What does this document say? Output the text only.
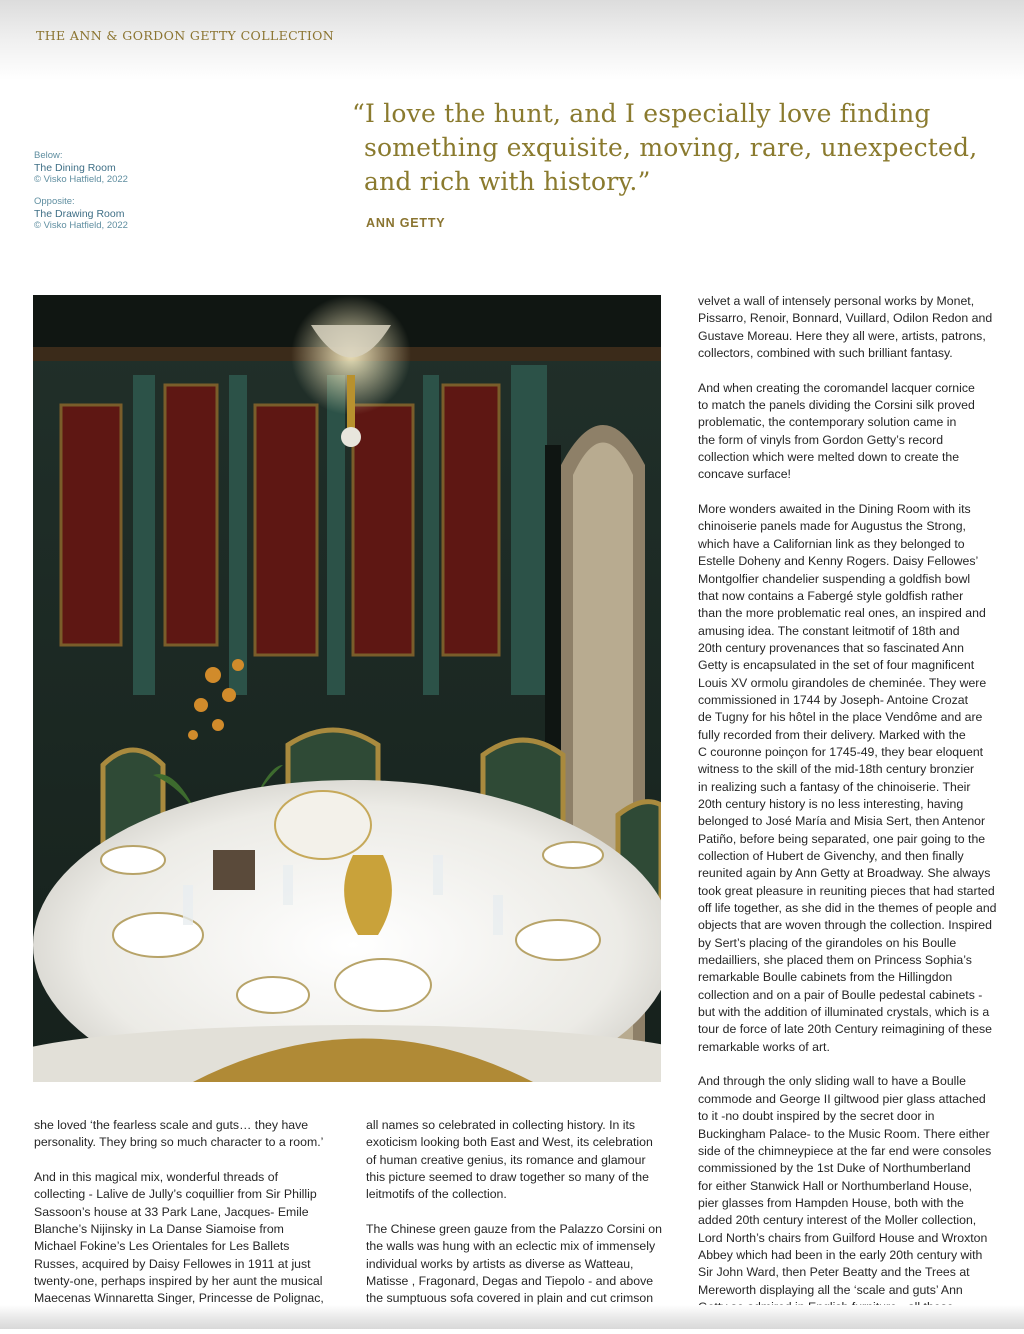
THE ANN & GORDON GETTY COLLECTION
Below:
The Dining Room
© Visko Hatfield, 2022
Opposite:
The Drawing Room
© Visko Hatfield, 2022
“I love the hunt, and I especially love finding
something exquisite, moving, rare, unexpected,
and rich with history.”
ANN GETTY

velvet a wall of intensely personal works by Monet,
Pissarro, Renoir, Bonnard, Vuillard, Odilon Redon and
Gustave Moreau. Here they all were, artists, patrons,
collectors, combined with such brilliant fantasy.

And when creating the coromandel lacquer cornice
to match the panels dividing the Corsini silk proved
problematic, the contemporary solution came in
the form of vinyls from Gordon Getty’s record
collection which were melted down to create the
concave surface!

More wonders awaited in the Dining Room with its
chinoiserie panels made for Augustus the Strong,
which have a Californian link as they belonged to
Estelle Doheny and Kenny Rogers. Daisy Fellowes’
Montgolfier chandelier suspending a goldfish bowl
that now contains a Fabergé style goldfish rather
than the more problematic real ones, an inspired and
amusing idea. The constant leitmotif of 18th and
20th century provenances that so fascinated Ann
Getty is encapsulated in the set of four magnificent
Louis XV ormolu girandoles de cheminée. They were
commissioned in 1744 by Joseph- Antoine Crozat
de Tugny for his hôtel in the place Vendôme and are
fully recorded from their delivery. Marked with the
C couronne poinçon for 1745-49, they bear eloquent
witness to the skill of the mid-18th century bronzier
in realizing such a fantasy of the chinoiserie. Their
20th century history is no less interesting, having
belonged to José María and Misia Sert, then Antenor
Patiño, before being separated, one pair going to the
collection of Hubert de Givenchy, and then finally
reunited again by Ann Getty at Broadway. She always
took great pleasure in reuniting pieces that had started
off life together, as she did in the themes of people and
objects that are woven through the collection. Inspired
by Sert’s placing of the girandoles on his Boulle
medailliers, she placed them on Princess Sophia’s
remarkable Boulle cabinets from the Hillingdon
collection and on a pair of Boulle pedestal cabinets -
but with the addition of illuminated crystals, which is a
tour de force of late 20th Century reimagining of these
remarkable works of art.

And through the only sliding wall to have a Boulle
commode and George II giltwood pier glass attached
to it -no doubt inspired by the secret door in
Buckingham Palace- to the Music Room. There either
side of the chimneypiece at the far end were consoles
commissioned by the 1st Duke of Northumberland
for either Stanwick Hall or Northumberland House,
pier glasses from Hampden House, both with the
added 20th century interest of the Moller collection,
Lord North’s chairs from Guilford House and Wroxton
Abbey which had been in the early 20th century with
Sir John Ward, then Peter Beatty and the Trees at
Mereworth displaying all the ‘scale and guts’ Ann

she loved ‘the fearless scale and guts… they have
personality. They bring so much character to a room.’

And in this magical mix, wonderful threads of
collecting - Lalive de Jully’s coquillier from Sir Phillip
Sassoon’s house at 33 Park Lane, Jacques- Emile
Blanche’s Nijinsky in La Danse Siamoise from
Michael Fokine’s Les Orientales for Les Ballets
Russes, acquired by Daisy Fellowes in 1911 at just
twenty-one, perhaps inspired by her aunt the musical
Maecenas Winnaretta Singer, Princesse de Polignac,

all names so celebrated in collecting history. In its
exoticism looking both East and West, its celebration
of human creative genius, its romance and glamour
this picture seemed to draw together so many of the
leitmotifs of the collection.

The Chinese green gauze from the Palazzo Corsini on
the walls was hung with an eclectic mix of immensely
individual works by artists as diverse as Watteau,
Matisse , Fragonard, Degas and Tiepolo - and above
the sumptuous sofa covered in plain and cut crimson
